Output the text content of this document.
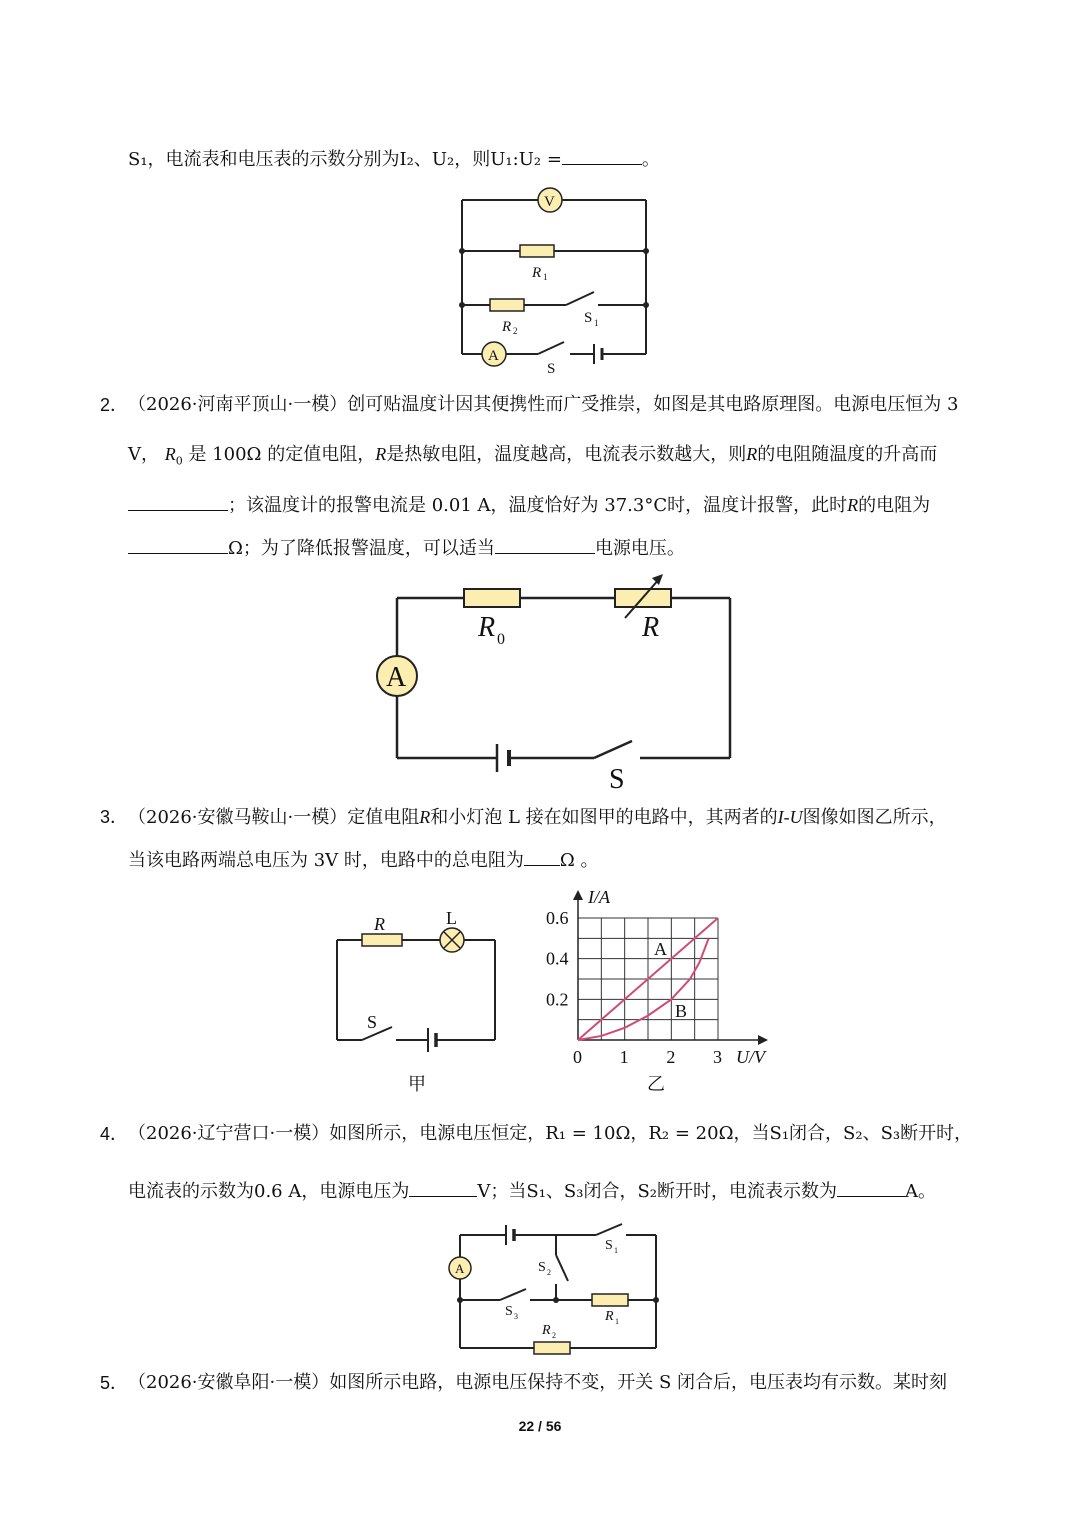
S₁，电流表和电压表的示数分别为I₂、U₂，则U₁:U₂ =	。
V
R 1
R 2
S 1
A
S
2． （2026·河南平顶山·一模）创可贴温度计因其便携性而广受推崇，如图是其电路原理图。电源电压恒为 3
V， $R_0$ 是 100Ω 的定值电阻，R是热敏电阻，温度越高，电流表示数越大，则R的电阻随温度的升高而
；该温度计的报警电流是 0.01 A，温度恰好为 37.3°C时，温度计报警，此时R的电阻为
Ω；为了降低报警温度，可以适当	电源电压。
R 0	R
A
S
3． （2026·安徽马鞍山·一模）定值电阻R和小灯泡 L 接在如图甲的电路中，其两者的I-U图像如图乙所示，
当该电路两端总电压为 3V 时，电路中的总电阻为 Ω 。
R	L
S
甲
0 1 2 3
0.2
0.4
0.6
A
B
I/A
U/V
乙
4． （2026·辽宁营口·一模）如图所示，电源电压恒定，R₁ = 10Ω，R₂ = 20Ω，当S₁闭合，S₂、S₃断开时，
电流表的示数为0.6 A，电源电压为	V；当S₁、S₃闭合，S₂断开时，电流表示数为	A。
A
S 1
S 2
S 3	R 1
R 2
5． （2026·安徽阜阳·一模）如图所示电路，电源电压保持不变，开关 S 闭合后，电压表均有示数。某时刻
22 / 56
